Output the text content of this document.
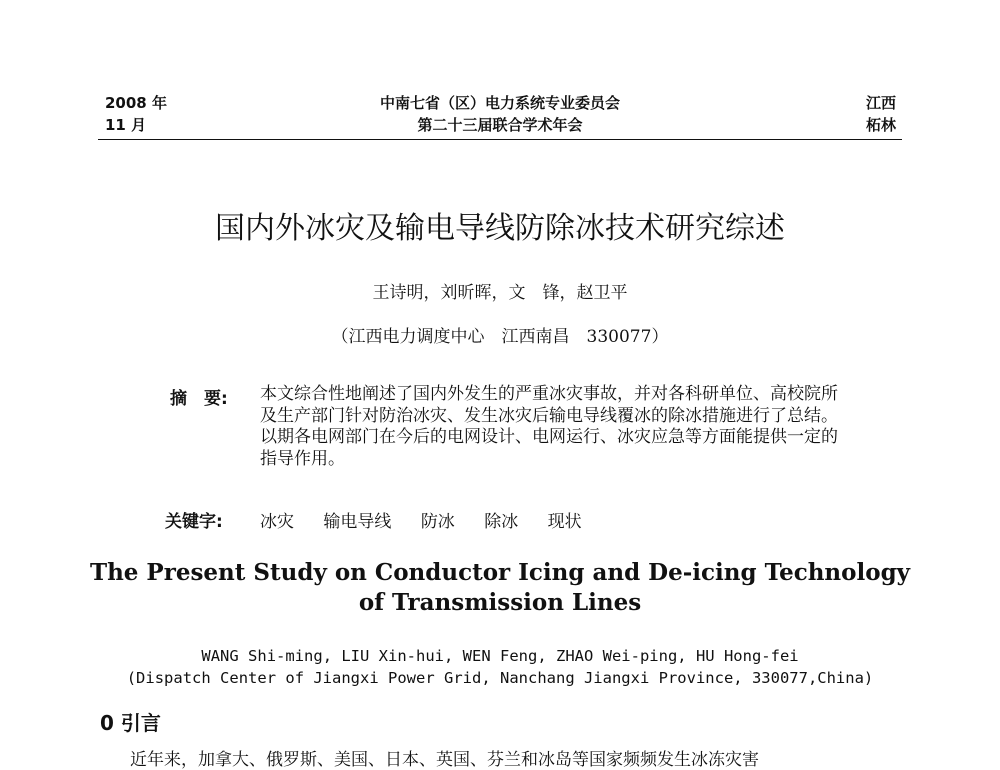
2008 年
11 月
中南七省（区）电力系统专业委员会
第二十三届联合学术年会
江西
柘林
国内外冰灾及输电导线防除冰技术研究综述
王诗明，刘昕晖，文　锋，赵卫平
（江西电力调度中心　江西南昌　330077）
摘　要:	本文综合性地阐述了国内外发生的严重冰灾事故，并对各科研单位、高校院所及生产部门针对防治冰灾、发生冰灾后输电导线覆冰的除冰措施进行了总结。以期各电网部门在今后的电网设计、电网运行、冰灾应急等方面能提供一定的指导作用。
关键字:	冰灾 输电导线 防冰 除冰 现状
The Present Study on Conductor Icing and De-icing Technology
of Transmission Lines
WANG Shi-ming, LIU Xin-hui, WEN Feng, ZHAO Wei-ping, HU Hong-fei
(Dispatch Center of Jiangxi Power Grid, Nanchang Jiangxi Province, 330077,China)
0 引言
近年来，加拿大、俄罗斯、美国、日本、英国、芬兰和冰岛等国家频频发生冰冻灾害
